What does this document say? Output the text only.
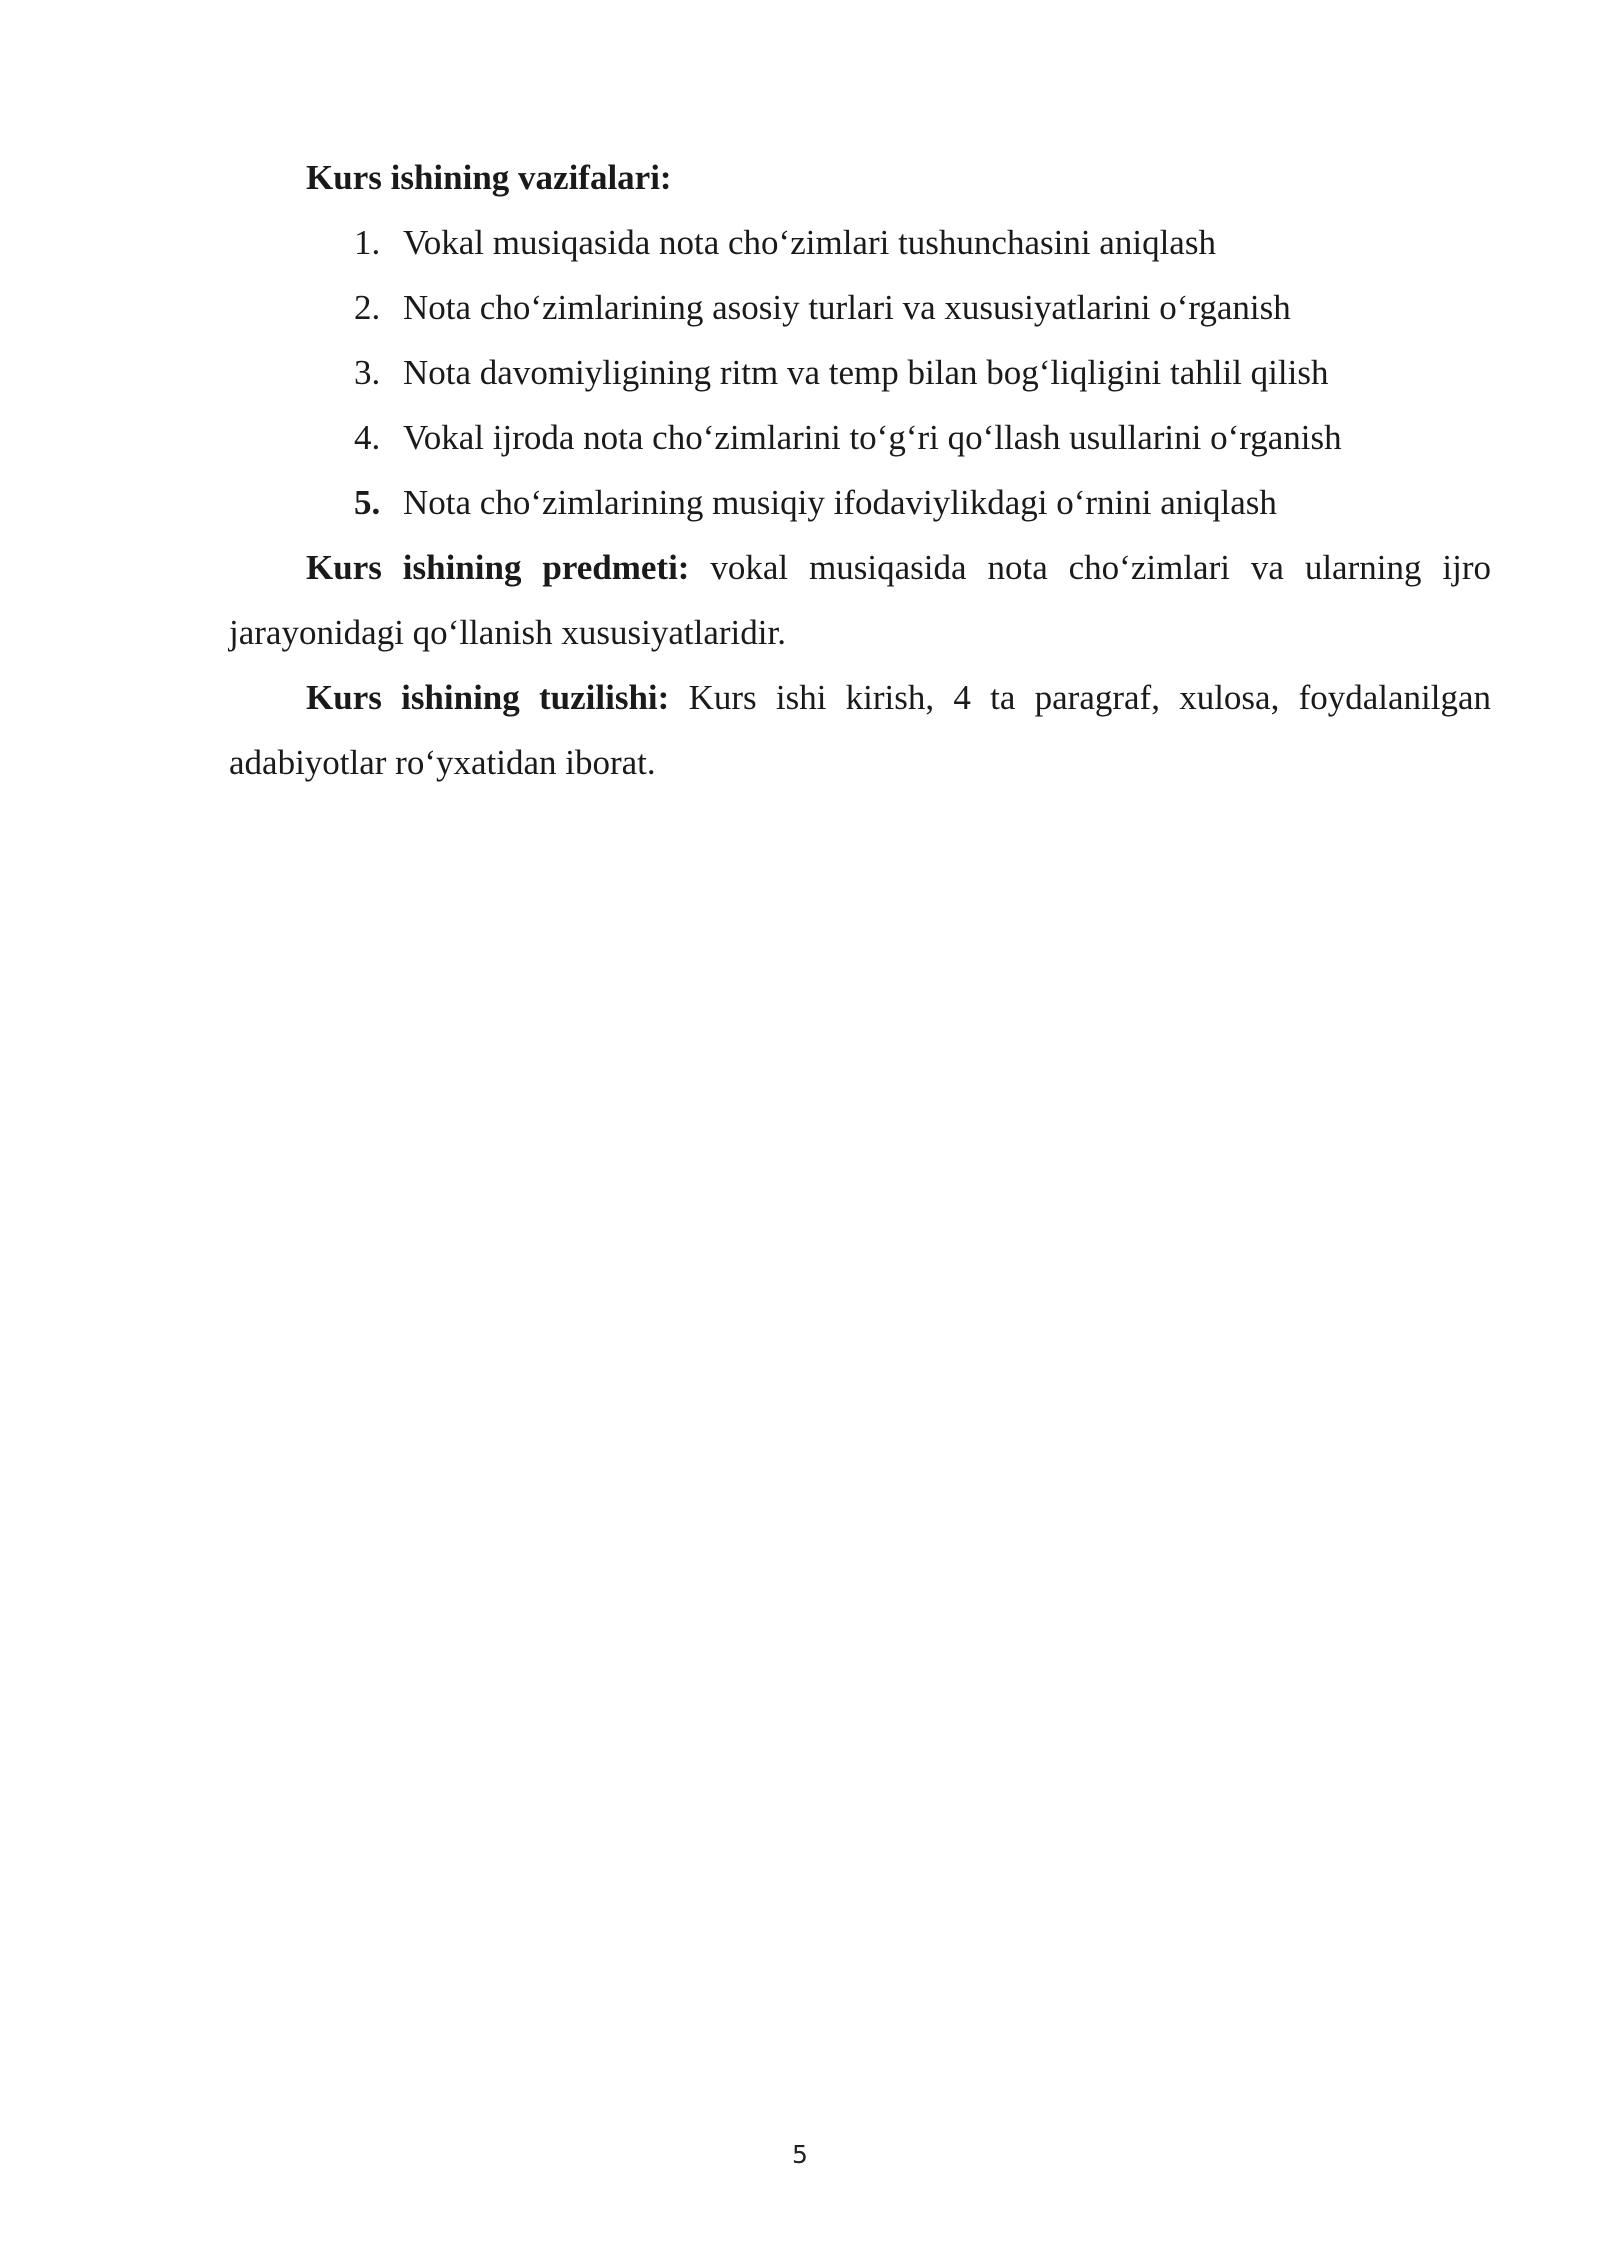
Kurs ishining vazifalari:
1. Vokal musiqasida nota cho‘zimlari tushunchasini aniqlash
2. Nota cho‘zimlarining asosiy turlari va xususiyatlarini o‘rganish
3. Nota davomiyligining ritm va temp bilan bog‘liqligini tahlil qilish
4. Vokal ijroda nota cho‘zimlarini to‘g‘ri qo‘llash usullarini o‘rganish
5. Nota cho‘zimlarining musiqiy ifodaviylikdagi o‘rnini aniqlash

Kurs ishining predmeti: vokal musiqasida nota cho‘zimlari va ularning ijro jarayonidagi qo‘llanish xususiyatlaridir.

Kurs ishining tuzilishi: Kurs ishi kirish, 4 ta paragraf, xulosa, foydalanilgan adabiyotlar ro‘yxatidan iborat.

5
